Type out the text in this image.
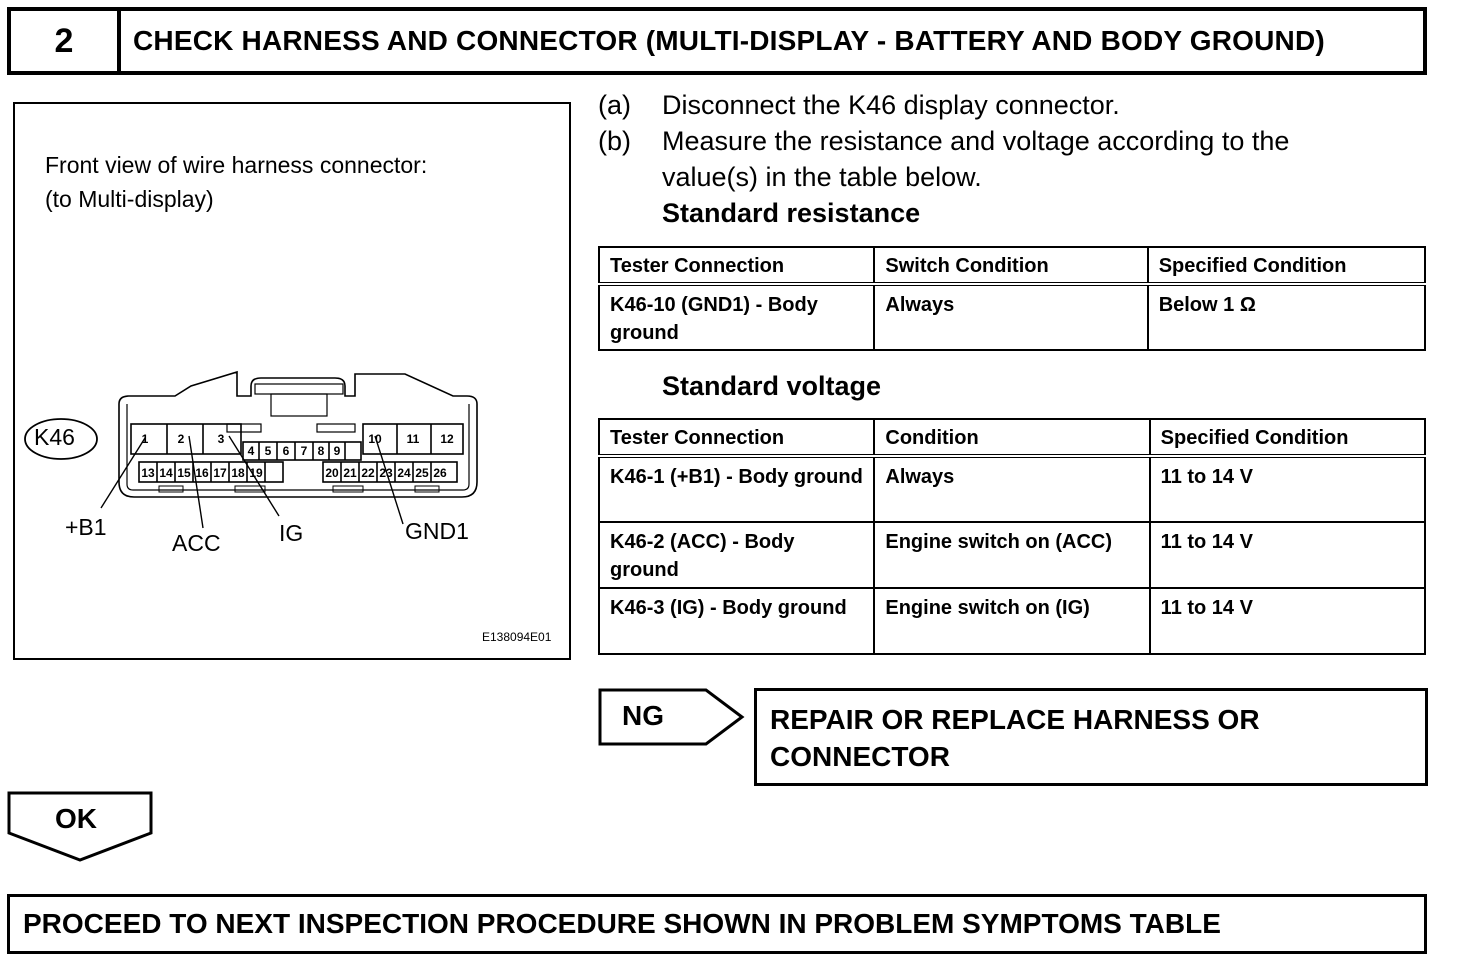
2	CHECK HARNESS AND CONNECTOR (MULTI-DISPLAY - BATTERY AND BODY GROUND)
Front view of wire harness connector:
(to Multi-display)
1 2	3
4 5 6 7 8 9
10 11 12
13 14 15 16 17 18 19	20 21 22 23 24 25 26
K46
+B1
ACC	IG	GND1
E138094E01
(a) Disconnect the K46 display connector.
(b) Measure the resistance and voltage according to the
value(s) in the table below.
Standard resistance
Tester Connection	Switch Condition	Specified Condition
K46-10 (GND1) - Body ground	Always	Below 1 Ω
Standard voltage
Tester Connection	Condition	Specified Condition
K46-1 (+B1) - Body ground	Always	11 to 14 V
K46-2 (ACC) - Body ground	Engine switch on (ACC)	11 to 14 V
K46-3 (IG) - Body ground	Engine switch on (IG)	11 to 14 V
NG	REPAIR OR REPLACE HARNESS OR
CONNECTOR
OK
PROCEED TO NEXT INSPECTION PROCEDURE SHOWN IN PROBLEM SYMPTOMS TABLE
